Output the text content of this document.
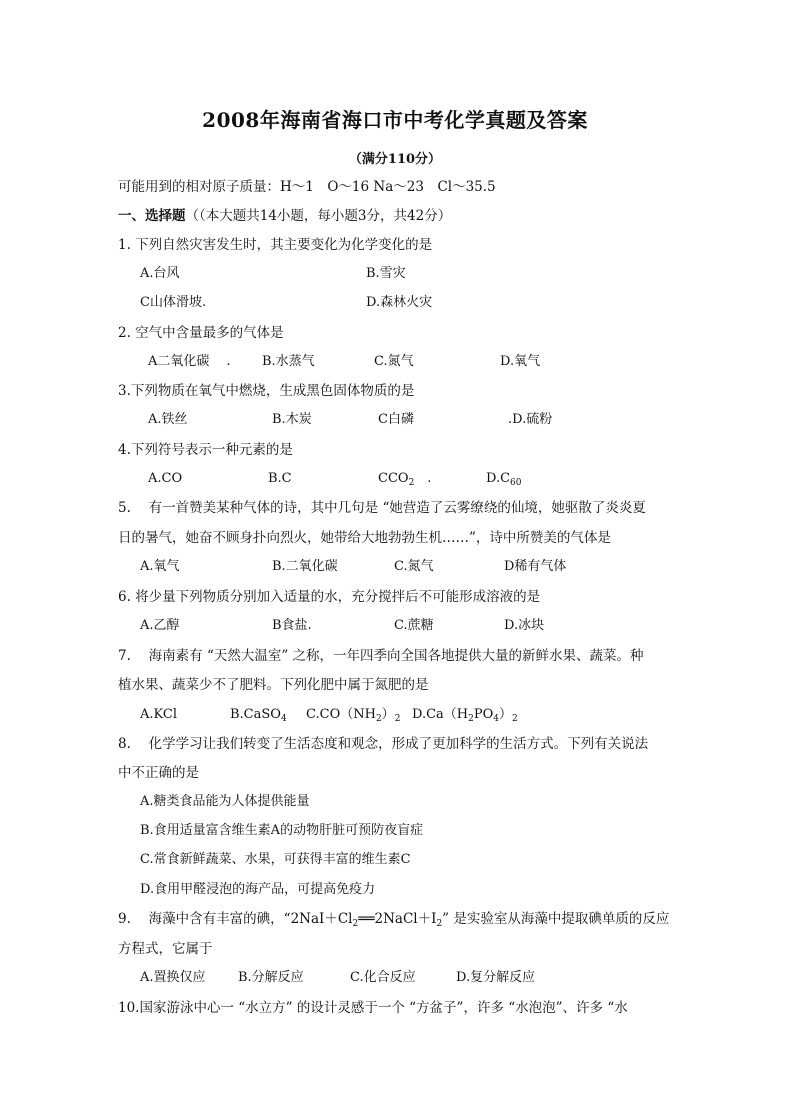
2008年海南省海口市中考化学真题及答案
（满分110分）
可能用到的相对原子质量：H～1　O～16 Na～23　Cl～35.5
一、选择题（（本大题共14小题，每小题3分，共42分）
1. 下列自然灾害发生时，其主要变化为化学变化的是
A.台风	B.雪灾
C山体滑坡.	D.森林火灾
2. 空气中含量最多的气体是
A二氧化碳　 . B.水蒸气	C.氮气	D.氧气
3.下列物质在氧气中燃烧，生成黑色固体物质的是
A.铁丝	B.木炭	C白磷	.D.硫粉
4.下列符号表示一种元素的是
A.CO	B.C	$CCO_2$　.	$D.C_{60}$
5.　 有一首赞美某种气体的诗，其中几句是 “她营造了云雾缭绕的仙境，她驱散了炎炎夏
日的暑气，她奋不顾身扑向烈火，她带给大地勃勃生机……”，诗中所赞美的气体是
A.氧气	B.二氧化碳	C.氮气	D稀有气体
6. 将少量下列物质分别加入适量的水，充分搅拌后不可能形成溶液的是
A.乙醇	B食盐.	C.蔗糖	D.冰块
7.　 海南素有 “天然大温室” 之称，一年四季向全国各地提供大量的新鲜水果、蔬菜。种
植水果、蔬菜少不了肥料。下列化肥中属于氮肥的是
A.KCl	B.CaSO$_4$ $C.CO(NH_2)_2$ $D.Ca(H_2PO_4)_2$
8.　 化学学习让我们转变了生活态度和观念，形成了更加科学的生活方式。下列有关说法
中不正确的是
A.糖类食品能为人体提供能量
B.食用适量富含维生素A的动物肝脏可预防夜盲症
C.常食新鲜蔬菜、水果，可获得丰富的维生素C
D.食用甲醛浸泡的海产品，可提高免疫力
9.　 海藻中含有丰富的碘，“$2NaI+Cl_2══2NaCl+I_2$” 是实验室从海藻中提取碘单质的反应
方程式，它属于
A.置换仅应 B.分解反应	C.化合反应	D.复分解反应
10.国家游泳中心一 “水立方” 的设计灵感于一个 “方盆子”，许多 “水泡泡”、许多 “水
